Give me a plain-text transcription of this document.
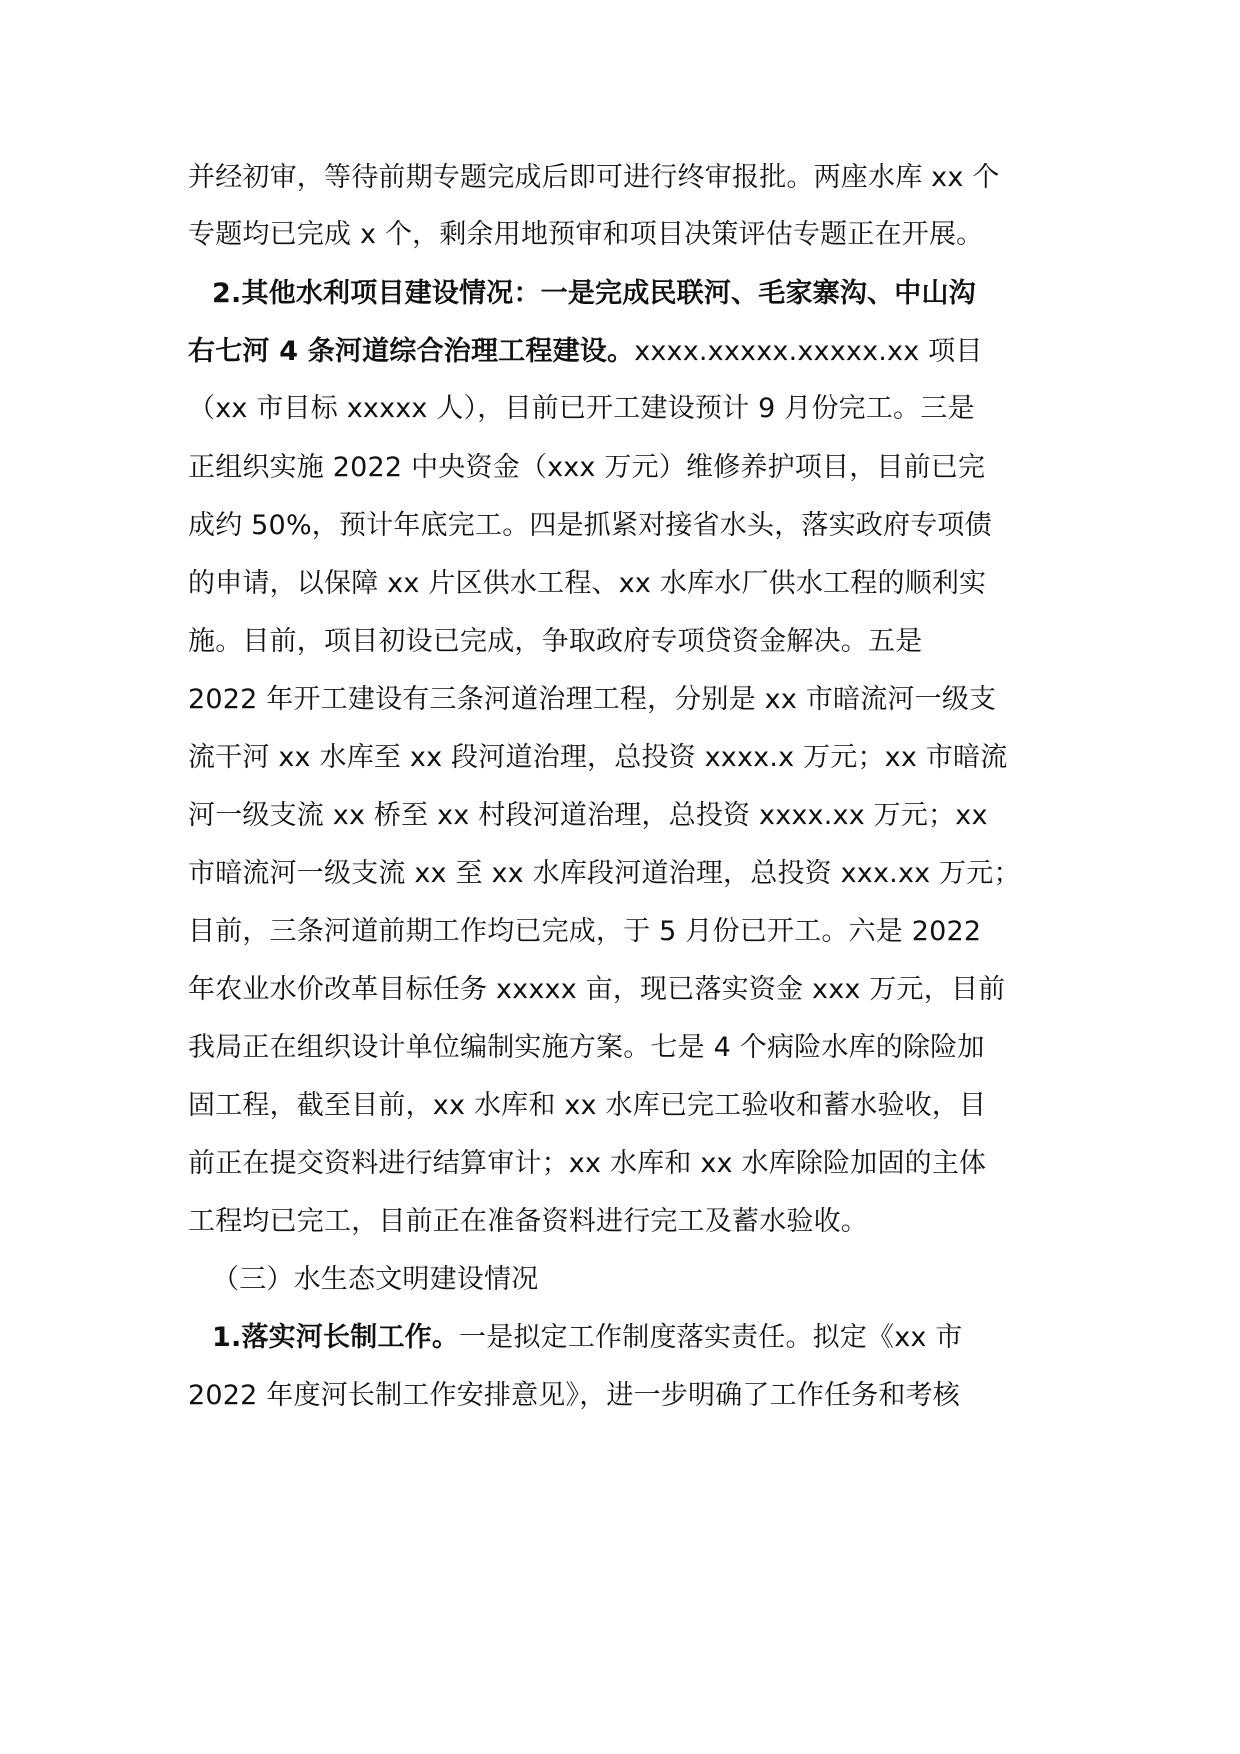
并经初审，等待前期专题完成后即可进行终审报批。两座水库 xx 个
专题均已完成 x 个，剩余用地预审和项目决策评估专题正在开展。
2.其他水利项目建设情况：一是完成民联河、毛家寨沟、中山沟
右七河 4 条河道综合治理工程建设。xxxx.xxxxx.xxxxx.xx 项目
（xx 市目标 xxxxx 人），目前已开工建设预计 9 月份完工。三是
正组织实施 2022 中央资金（xxx 万元）维修养护项目，目前已完
成约 50%，预计年底完工。四是抓紧对接省水头，落实政府专项债
的申请，以保障 xx 片区供水工程、xx 水库水厂供水工程的顺利实
施。目前，项目初设已完成，争取政府专项贷资金解决。五是
2022 年开工建设有三条河道治理工程，分别是 xx 市暗流河一级支
流干河 xx 水库至 xx 段河道治理，总投资 xxxx.x 万元；xx 市暗流
河一级支流 xx 桥至 xx 村段河道治理，总投资 xxxx.xx 万元；xx
市暗流河一级支流 xx 至 xx 水库段河道治理，总投资 xxx.xx 万元；
目前，三条河道前期工作均已完成，于 5 月份已开工。六是 2022
年农业水价改革目标任务 xxxxx 亩，现已落实资金 xxx 万元，目前
我局正在组织设计单位编制实施方案。七是 4 个病险水库的除险加
固工程，截至目前，xx 水库和 xx 水库已完工验收和蓄水验收，目
前正在提交资料进行结算审计；xx 水库和 xx 水库除险加固的主体
工程均已完工，目前正在准备资料进行完工及蓄水验收。
（三）水生态文明建设情况
1.落实河长制工作。一是拟定工作制度落实责任。拟定《xx 市
2022 年度河长制工作安排意见》，进一步明确了工作任务和考核
